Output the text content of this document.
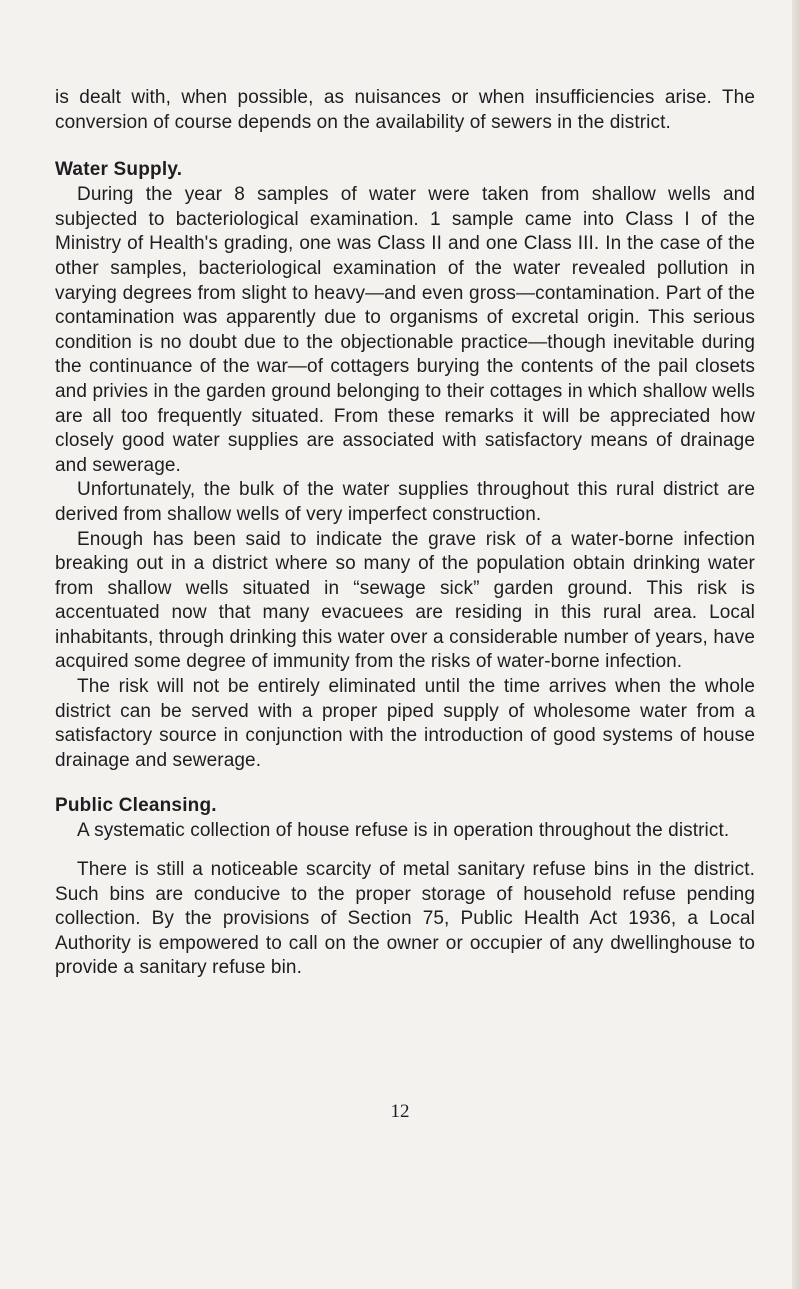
is dealt with, when possible, as nuisances or when insufficiencies arise. The conversion of course depends on the availability of sewers in the district.

Water Supply.

During the year 8 samples of water were taken from shallow wells and subjected to bacteriological examination. 1 sample came into Class I of the Ministry of Health's grading, one was Class II and one Class III. In the case of the other samples, bacteriological examination of the water revealed pollution in varying degrees from slight to heavy—and even gross—contamination. Part of the contamination was apparently due to organisms of excretal origin. This serious condition is no doubt due to the objectionable practice—though inevitable during the continuance of the war—of cottagers burying the contents of the pail closets and privies in the garden ground belonging to their cottages in which shallow wells are all too frequently situated. From these remarks it will be appreciated how closely good water supplies are associated with satisfactory means of drainage and sewerage.

Unfortunately, the bulk of the water supplies throughout this rural district are derived from shallow wells of very imperfect construction.

Enough has been said to indicate the grave risk of a water-borne infection breaking out in a district where so many of the population obtain drinking water from shallow wells situated in “sewage sick” garden ground. This risk is accentuated now that many evacuees are residing in this rural area. Local inhabitants, through drinking this water over a considerable number of years, have acquired some degree of immunity from the risks of water-borne infection.

The risk will not be entirely eliminated until the time arrives when the whole district can be served with a proper piped supply of wholesome water from a satisfactory source in conjunction with the introduction of good systems of house drainage and sewerage.

Public Cleansing.

A systematic collection of house refuse is in operation throughout the district.

There is still a noticeable scarcity of metal sanitary refuse bins in the district. Such bins are conducive to the proper storage of household refuse pending collection. By the provisions of Section 75, Public Health Act 1936, a Local Authority is empowered to call on the owner or occupier of any dwellinghouse to provide a sanitary refuse bin.

12
